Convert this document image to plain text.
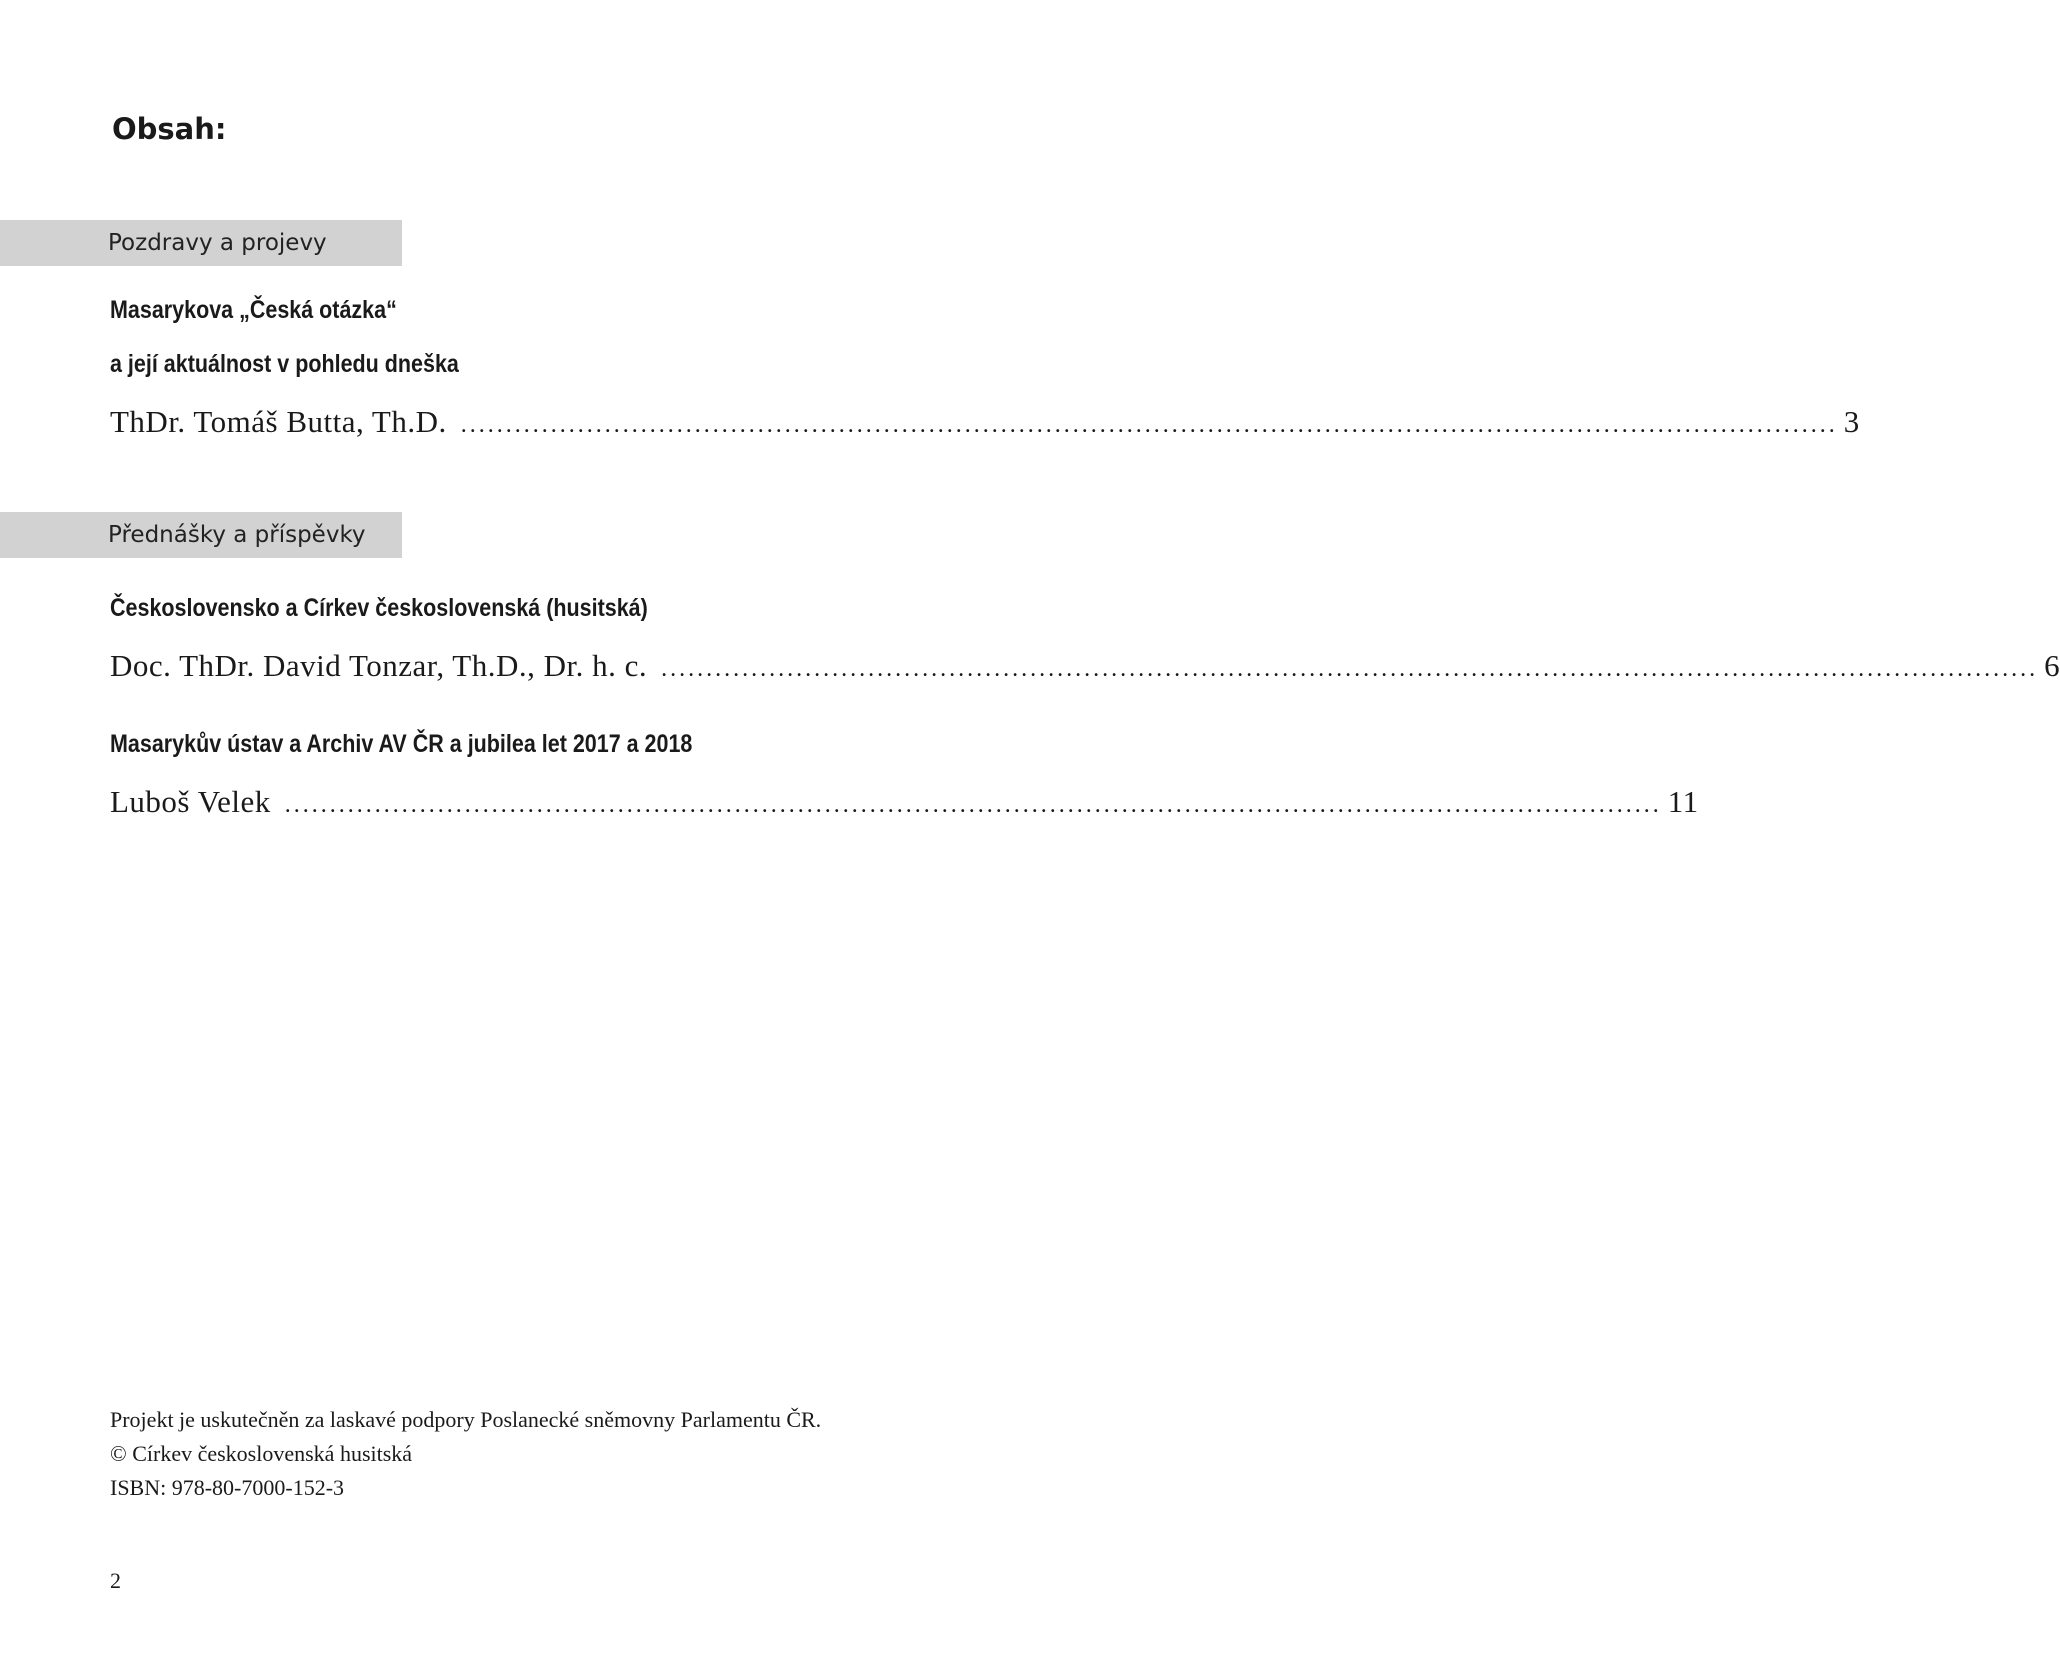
Obsah:
Pozdravy a projevy
Masarykova „Česká otázka“
a její aktuálnost v pohledu dneška
ThDr. Tomáš Butta, Th.D. ......................................................................................................................................................... 3
Přednášky a příspěvky
Československo a Církev československá (husitská)
Doc. ThDr. David Tonzar, Th.D., Dr. h. c. ......................................................................................................................................................... 6
Masarykův ústav a Archiv AV ČR a jubilea let 2017 a 2018
Luboš Velek ......................................................................................................................................................... 11
Projekt je uskutečněn za laskavé podpory Poslanecké sněmovny Parlamentu ČR.
© Církev československá husitská
ISBN: 978-80-7000-152-3
2
